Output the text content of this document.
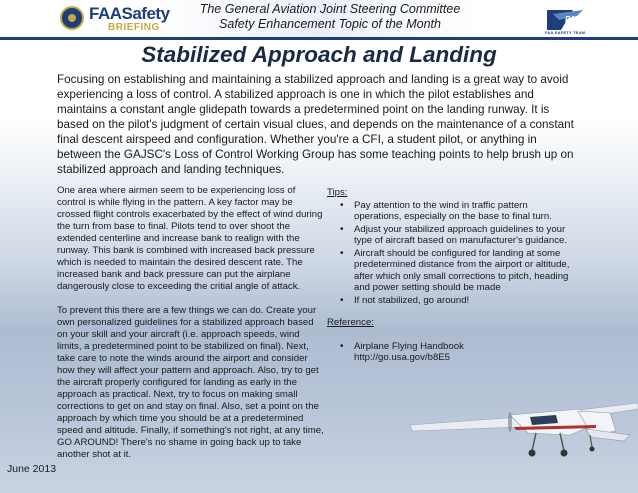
FAASafety
BRIEFING
The General Aviation Joint Steering Committee
Safety Enhancement Topic of the Month	FAST
FAA SAFETY TEAM
Stabilized Approach and Landing
Focusing on establishing and maintaining a stabilized approach and landing is a great way to avoid experiencing a loss of control. A stabilized approach is one in which the pilot establishes and maintains a constant angle glidepath towards a predetermined point on the landing runway. It is based on the pilot's judgment of certain visual clues, and depends on the maintenance of a constant final descent airspeed and configuration. Whether you're a CFI, a student pilot, or anything in between the GAJSC's Loss of Control Working Group has some teaching points to help brush up on stabilized approach and landing techniques.

One area where airmen seem to be experiencing loss of control is while flying in the pattern. A key factor may be crossed flight controls exacerbated by the effect of wind during the turn from base to final. Pilots tend to over shoot the extended centerline and increase bank to realign with the runway. This bank is combined with increased back pressure which is needed to maintain the desired descent rate. The increased bank and back pressure can put the airplane dangerously close to exceeding the critial angle of attack.

To prevent this there are a few things we can do. Create your own personalized guidelines for a stabilized approach based on your skill and your aircraft (i.e. approach speeds, wind limits, a predetermined point to be stabilized on final). Next, take care to note the winds around the airport and consider how they will affect your pattern and approach. Also, try to get the aircraft properly configured for landing as early in the approach as practical. Next, try to focus on making small corrections to get on and stay on final. Also, set a point on the approach by which time you should be at a predetermined speed and altitude. Finally, if something's not right, at any time, GO AROUND! There's no shame in going back up to take another shot at it.

Tips:
• Pay attention to the wind in traffic pattern operations, especially on the base to final turn.
• Adjust your stabilized approach guidelines to your type of aircraft based on manufacturer's guidance.
• Aircraft should be configured for landing at some predetermined distance from the airport or altitude, after which only small corrections to pitch, heading and power setting should be made
• If not stabilized, go around!
Reference:
• Airplane Flying Handbook
http://go.usa.gov/b8E5
June 2013
